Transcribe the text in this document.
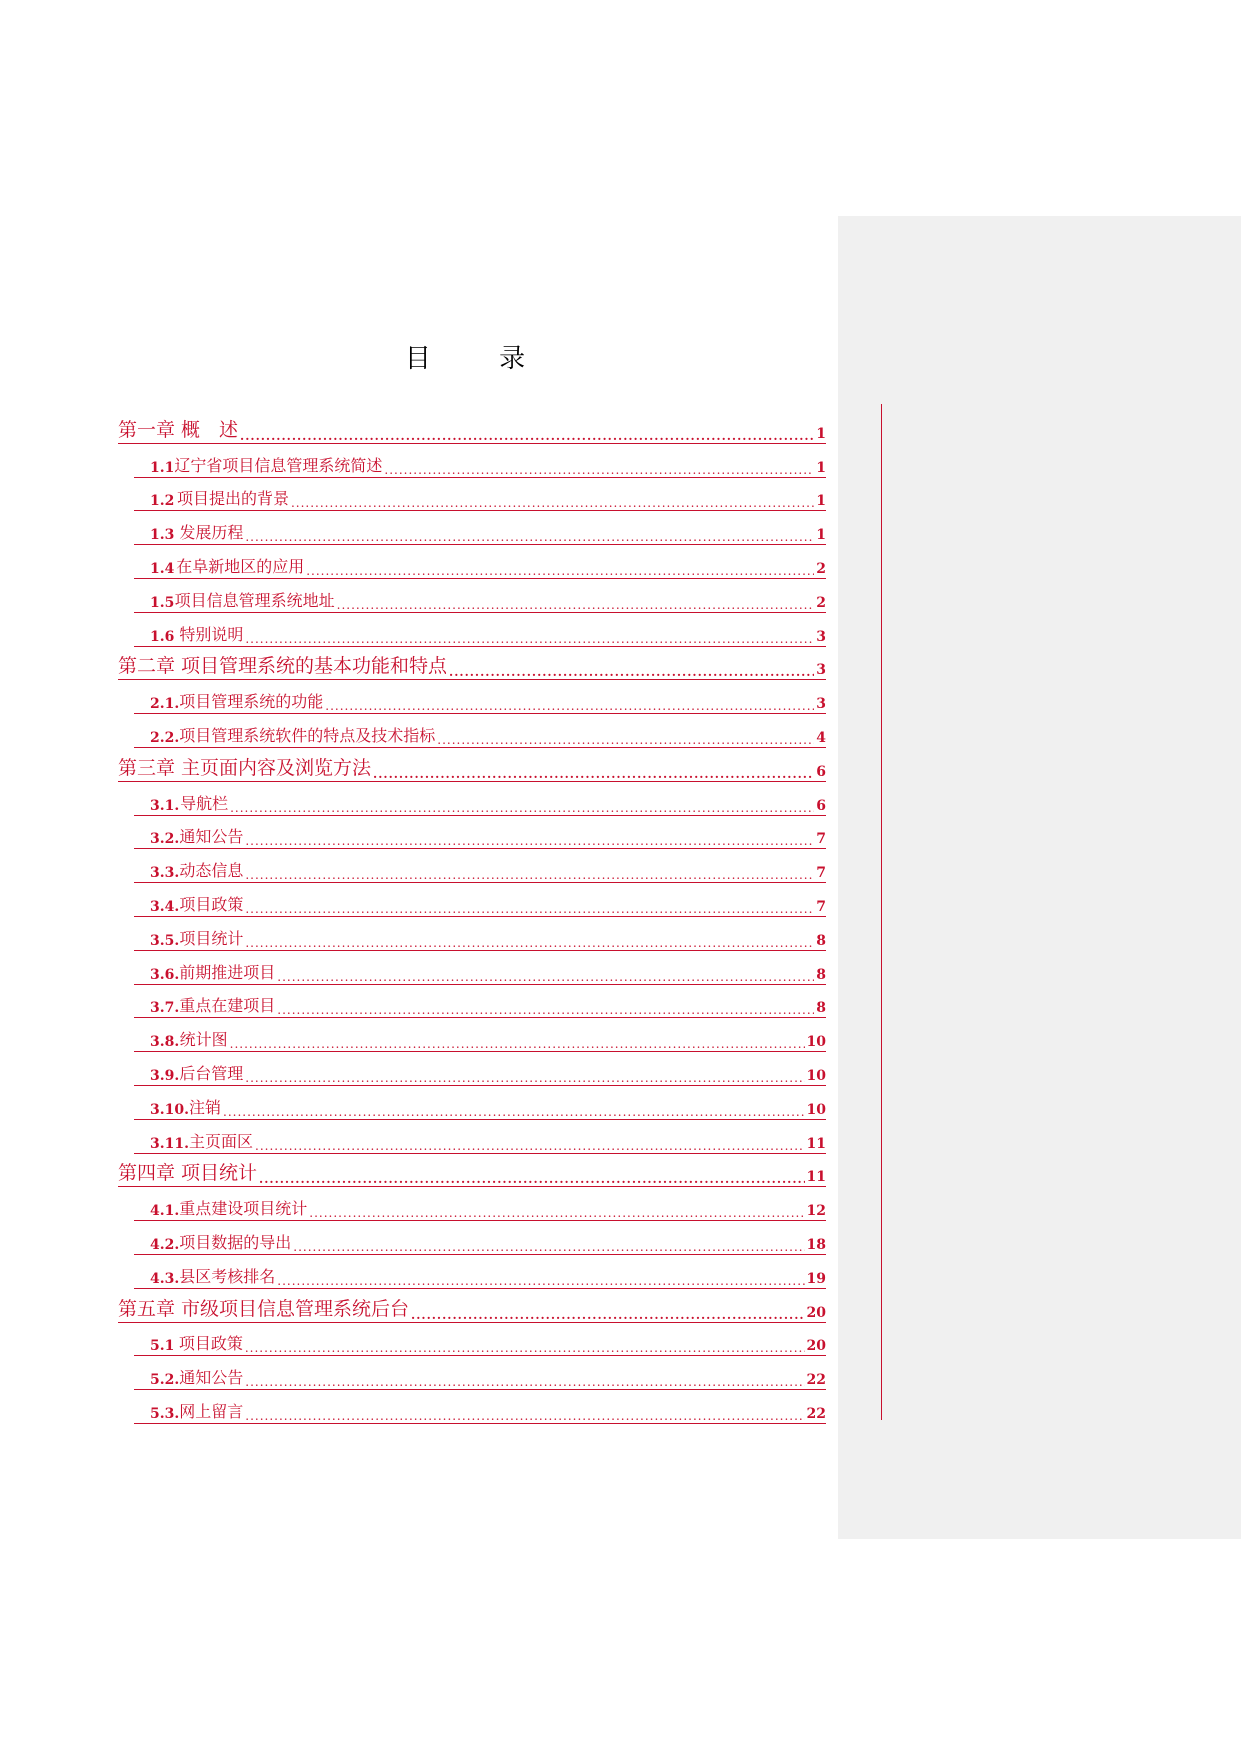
目 录
第一章 概　述 .....	1
1.1 辽宁省项目信息管理系统简述 .....	1
1.2 项目提出的背景 .....	1
1.3 发展历程 .....	1
1.4 在阜新地区的应用 .....	2
1.5 项目信息管理系统地址 .....	2
1.6 特别说明 .....	3
第二章 项目管理系统的基本功能和特点 .....	3
2.1. 项目管理系统的功能 .....	3
2.2. 项目管理系统软件的特点及技术指标 .....	4
第三章 主页面内容及浏览方法 .....	6
3.1. 导航栏 .....	6
3.2. 通知公告 .....	7
3.3. 动态信息 .....	7
3.4. 项目政策 .....	7
3.5. 项目统计 .....	8
3.6. 前期推进项目 .....	8
3.7. 重点在建项目 .....	8
3.8. 统计图 .....	10
3.9. 后台管理 .....	10
3.10. 注销 .....	10
3.11. 主页面区 .....	11
第四章 项目统计 .....	11
4.1. 重点建设项目统计 .....	12
4.2. 项目数据的导出 .....	18
4.3. 县区考核排名 .....	19
第五章 市级项目信息管理系统后台 .....	20
5.1 项目政策 .....	20
5.2. 通知公告 .....	22
5.3. 网上留言 .....	22
